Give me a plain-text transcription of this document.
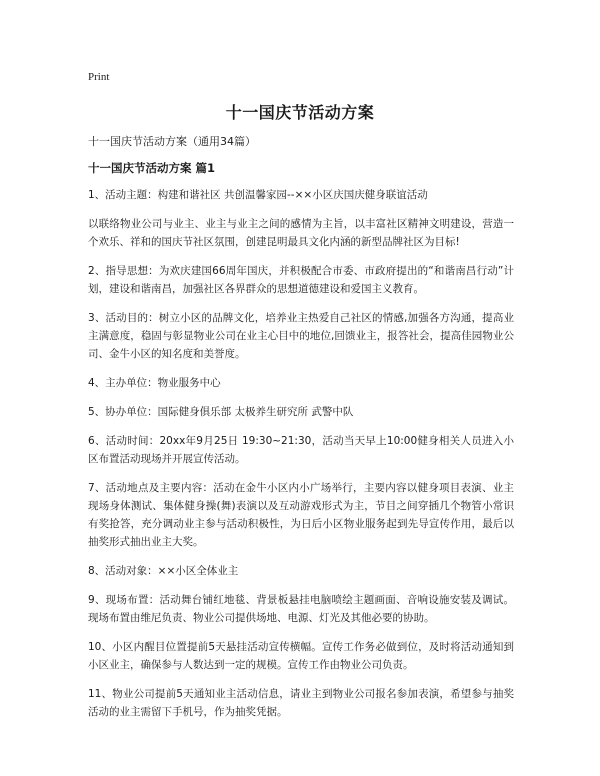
Print
十一国庆节活动方案

十一国庆节活动方案（通用34篇）

十一国庆节活动方案 篇1

1、活动主题：构建和谐社区 共创温馨家园--××小区庆国庆健身联谊活动

以联络物业公司与业主、业主与业主之间的感情为主旨，以丰富社区精神文明建设，营造一个欢乐、祥和的国庆节社区氛围，创建昆明最具文化内涵的新型品牌社区为目标!

2、指导思想：为欢庆建国66周年国庆，并积极配合市委、市政府提出的“和谐南昌行动”计划，建设和谐南昌，加强社区各界群众的思想道德建设和爱国主义教育。

3、活动目的：树立小区的品牌文化，培养业主热爱自己社区的情感,加强各方沟通，提高业主满意度，稳固与彰显物业公司在业主心目中的地位,回馈业主，报答社会，提高佳园物业公司、金牛小区的知名度和美誉度。

4、主办单位：物业服务中心

5、协办单位：国际健身俱乐部 太极养生研究所 武警中队

6、活动时间：20xx年9月25日 19:30~21:30，活动当天早上10:00健身相关人员进入小区布置活动现场并开展宣传活动。

7、活动地点及主要内容：活动在金牛小区内小广场举行，主要内容以健身项目表演、业主现场身体测试、集体健身操(舞)表演以及互动游戏形式为主，节目之间穿插几个物管小常识有奖抢答，充分调动业主参与活动积极性，为日后小区物业服务起到先导宣传作用，最后以抽奖形式抽出业主大奖。

8、活动对象：××小区全体业主

9、现场布置：活动舞台铺红地毯、背景板悬挂电脑喷绘主题画面、音响设施安装及调试。 现场布置由维尼负责、物业公司提供场地、电源、灯光及其他必要的协助。

10、小区内醒目位置提前5天悬挂活动宣传横幅。宣传工作务必做到位，及时将活动通知到小区业主，确保参与人数达到一定的规模。宣传工作由物业公司负责。

11、物业公司提前5天通知业主活动信息，请业主到物业公司报名参加表演，希望参与抽奖活动的业主需留下手机号，作为抽奖凭据。
